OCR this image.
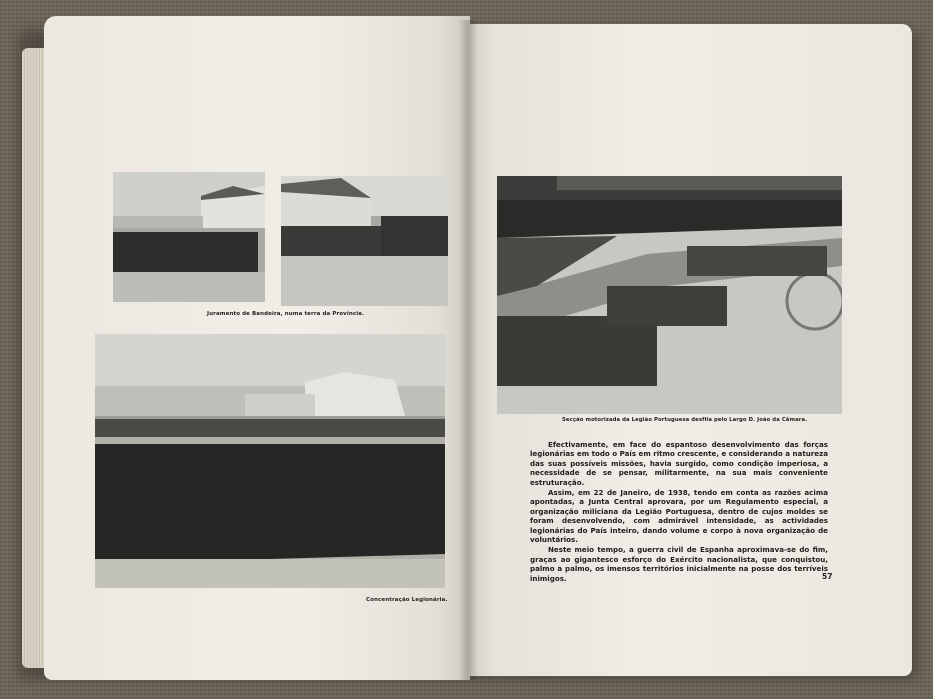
Juramento de Bandeira, numa terra da Província.
Concentração Legionária.
Secção motorizada da Legião Portuguesa desfila pelo Largo D. João da Câmara.

Efectivamente, em face do espantoso desenvolvimento das forças legionárias em todo o País em ritmo crescente, e considerando a natureza das suas possíveis missões, havia surgido, como condição imperiosa, a necessidade de se pensar, militarmente, na sua mais conveniente estruturação.

Assim, em 22 de Janeiro, de 1938, tendo em conta as razões acima apontadas, a Junta Central aprovara, por um Regulamento especial, a organização miliciana da Legião Portuguesa, dentro de cujos moldes se foram desenvolvendo, com admirável intensidade, as actividades legionárias do País inteiro, dando volume e corpo à nova organização de voluntários.

Neste meio tempo, a guerra civil de Espanha aproximava-se do fim, graças ao gigantesco esforço do Exército nacionalista, que conquistou, palmo a palmo, os imensos territórios inicialmente na posse dos terríveis inimigos.	57
